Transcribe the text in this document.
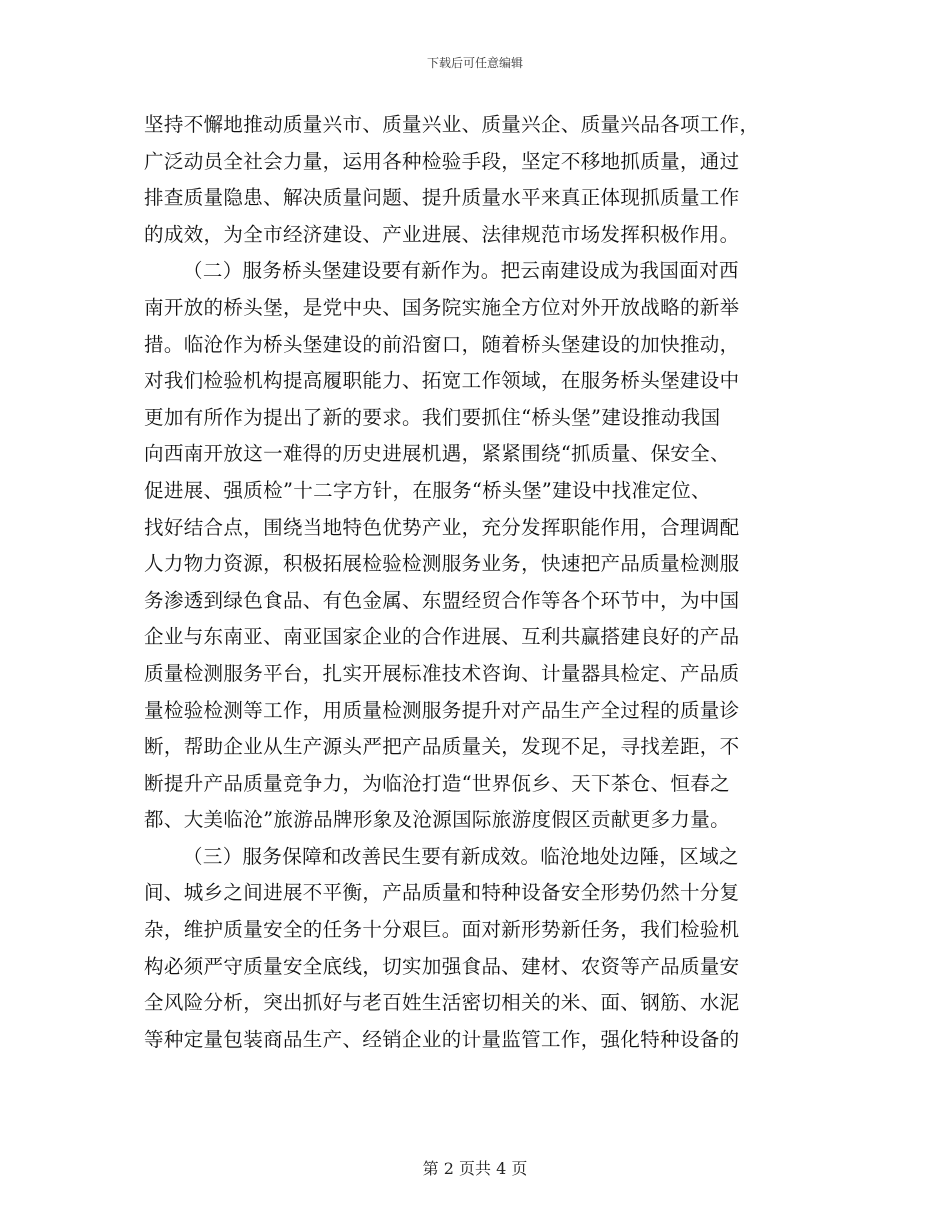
下载后可任意编辑
坚持不懈地推动质量兴市、质量兴业、质量兴企、质量兴品各项工作，
广泛动员全社会力量，运用各种检验手段，坚定不移地抓质量，通过
排查质量隐患、解决质量问题、提升质量水平来真正体现抓质量工作
的成效，为全市经济建设、产业进展、法律规范市场发挥积极作用。
（二）服务桥头堡建设要有新作为。把云南建设成为我国面对西
南开放的桥头堡，是党中央、国务院实施全方位对外开放战略的新举
措。临沧作为桥头堡建设的前沿窗口，随着桥头堡建设的加快推动，
对我们检验机构提高履职能力、拓宽工作领域，在服务桥头堡建设中
更加有所作为提出了新的要求。我们要抓住“桥头堡”建设推动我国
向西南开放这一难得的历史进展机遇，紧紧围绕“抓质量、保安全、
促进展、强质检”十二字方针，在服务“桥头堡”建设中找准定位、
找好结合点，围绕当地特色优势产业，充分发挥职能作用，合理调配
人力物力资源，积极拓展检验检测服务业务，快速把产品质量检测服
务渗透到绿色食品、有色金属、东盟经贸合作等各个环节中，为中国
企业与东南亚、南亚国家企业的合作进展、互利共赢搭建良好的产品
质量检测服务平台，扎实开展标准技术咨询、计量器具检定、产品质
量检验检测等工作，用质量检测服务提升对产品生产全过程的质量诊
断，帮助企业从生产源头严把产品质量关，发现不足，寻找差距，不
断提升产品质量竞争力，为临沧打造“世界佤乡、天下茶仓、恒春之
都、大美临沧”旅游品牌形象及沧源国际旅游度假区贡献更多力量。
（三）服务保障和改善民生要有新成效。临沧地处边陲，区域之
间、城乡之间进展不平衡，产品质量和特种设备安全形势仍然十分复
杂，维护质量安全的任务十分艰巨。面对新形势新任务，我们检验机
构必须严守质量安全底线，切实加强食品、建材、农资等产品质量安
全风险分析，突出抓好与老百姓生活密切相关的米、面、钢筋、水泥
等种定量包装商品生产、经销企业的计量监管工作，强化特种设备的
第 2 页共 4 页
